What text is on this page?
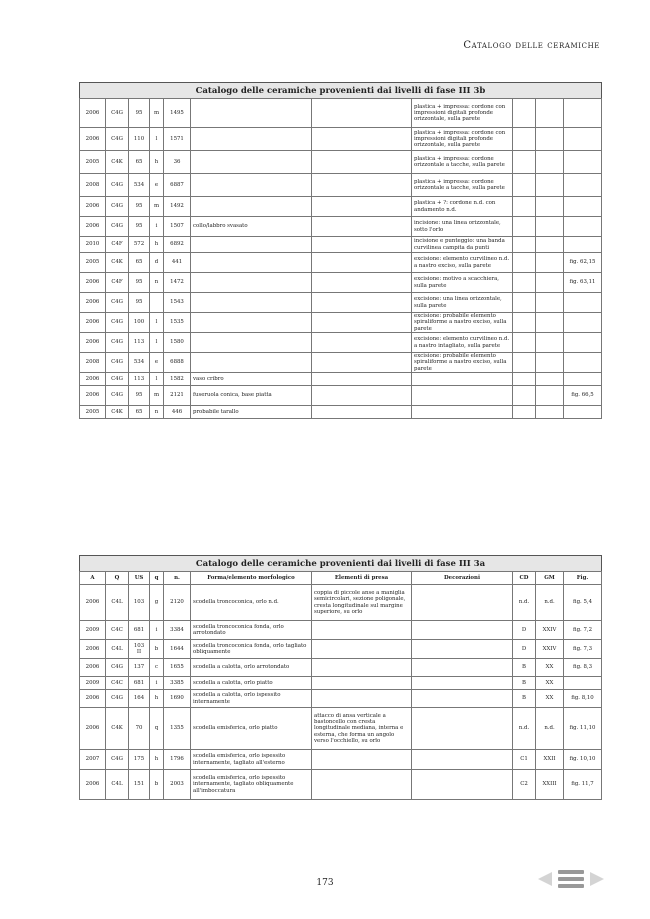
Catalogo delle ceramiche
Catalogo delle ceramiche provenienti dai livelli di fase III 3b
2006	C4G	95	m	1495			plastica + impressa: cordone con impressioni digitali profonde orizzontale, sulla parete			
2006	C4G	110	l	1571			plastica + impressa: cordone con impressioni digitali profonde orizzontale, sulla parete			
2005	C4K	65	h	36			plastica + impressa: cordone orizzontale a tacche, sulla parete			
2008	C4G	534	e	6887			plastica + impressa: cordone orizzontale a tacche, sulla parete			
2006	C4G	95	m	1492			plastica + ?: cordone n.d. con andamento n.d.			
2006	C4G	95	i	1507	collo/labbro svasato		incisione: una linea orizzontale, sotto l'orlo			
2010	C4F	572	h	6892			incisione e punteggio: una banda curvilinea campita da punti			
2005	C4K	65	d	441			excisione: elemento curvilineo n.d. a nastro exciso, sulla parete			fig. 62,15
2006	C4F	95	n	1472			excisione: motivo a scacchiera, sulla parete			fig. 63,11
2006	C4G	95		1543			excisione: una linea orizzontale, sulla parete			
2006	C4G	100	l	1535			excisione: probabile elemento spiraliforme a nastro exciso, sulla parete			
2006	C4G	113	l	1580			excisione: elemento curvilineo n.d. a nastro intagliato, sulla parete			
2008	C4G	534	e	6888			excisione: probabile elemento spiraliforme a nastro exciso, sulla parete			
2006	C4G	113	l	1582	vaso cribro					
2006	C4G	95	m	2121	fuseruola conica, base piatta					fig. 66,5
2005	C4K	65	n	446	probabile tarallo					
Catalogo delle ceramiche provenienti dai livelli di fase III 3a
A	Q	US	q	n.	Forma/elemento morfologico	Elementi di presa	Decorazioni	CD	GM	Fig.
2006	C4L	103	g	2120	scodella troncoconica, orlo n.d.	coppia di piccole anse a maniglia semicircolari, sezione poligonale, cresta longitudinale sul margine superiore, su orlo		n.d.	n.d.	fig. 5,4
2009	C4C	681	i	3384	scodella troncoconica fonda, orlo arrotondato			D	XXIV	fig. 7,2
2006	C4L	103 II	b	1644	scodella troncoconica fonda, orlo tagliato obliquamente			D	XXIV	fig. 7,3
2006	C4G	137	c	1655	scodella a calotta, orlo arrotondato			B	XX	fig. 8,3
2009	C4C	681	i	3385	scodella a calotta, orlo piatto			B	XX	
2006	C4G	164	h	1690	scodella a calotta, orlo ispessito internamente			B	XX	fig. 8,10
2006	C4K	70	q	1355	scodella emisferica, orlo piatto	attacco di ansa verticale a bastoncello con cresta longitudinale mediana, interna e esterna, che forma un angolo verso l'occhiello, su orlo		n.d.	n.d.	fig. 11,10
2007	C4G	175	h	1796	scodella emisferica, orlo ispessito internamente, tagliato all'esterno			C1	XXII	fig. 10,10
2006	C4L	151	b	2003	scodella emisferica, orlo ispessito internamente, tagliato obliquamente all'imboccatura			C2	XXIII	fig. 11,7
173
